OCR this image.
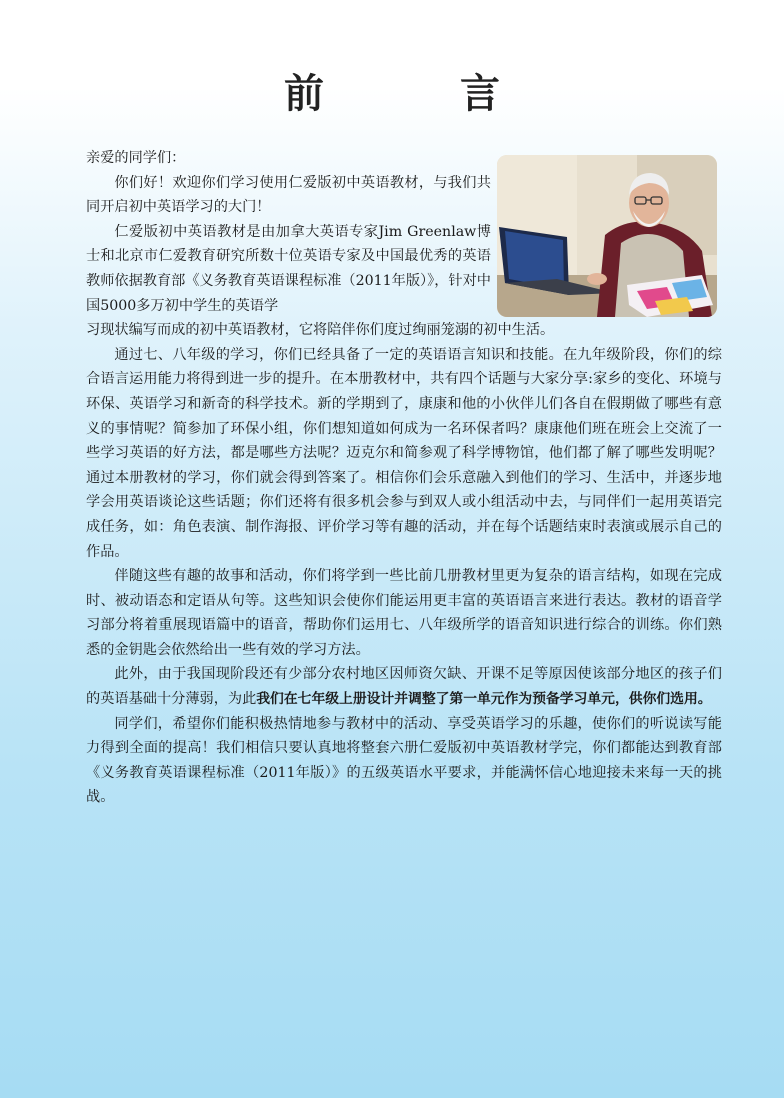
前　言

亲爱的同学们：

你们好！欢迎你们学习使用仁爱版初中英语教材，与我们共同开启初中英语学习的大门！

仁爱版初中英语教材是由加拿大英语专家Jim Greenlaw博士和北京市仁爱教育研究所数十位英语专家及中国最优秀的英语教师依据教育部《义务教育英语课程标准（2011年版）》，针对中国5000多万初中学生的英语学

习现状编写而成的初中英语教材，它将陪伴你们度过绚丽笼溺的初中生活。

通过七、八年级的学习，你们已经具备了一定的英语语言知识和技能。在九年级阶段，你们的综合语言运用能力将得到进一步的提升。在本册教材中，共有四个话题与大家分享:家乡的变化、环境与环保、英语学习和新奇的科学技术。新的学期到了，康康和他的小伙伴儿们各自在假期做了哪些有意义的事情呢？简参加了环保小组，你们想知道如何成为一名环保者吗？康康他们班在班会上交流了一些学习英语的好方法，都是哪些方法呢？迈克尔和简参观了科学博物馆，他们都了解了哪些发明呢？通过本册教材的学习，你们就会得到答案了。相信你们会乐意融入到他们的学习、生活中，并逐步地学会用英语谈论这些话题；你们还将有很多机会参与到双人或小组活动中去，与同伴们一起用英语完成任务，如：角色表演、制作海报、评价学习等有趣的活动，并在每个话题结束时表演或展示自己的作品。

伴随这些有趣的故事和活动，你们将学到一些比前几册教材里更为复杂的语言结构，如现在完成时、被动语态和定语从句等。这些知识会使你们能运用更丰富的英语语言来进行表达。教材的语音学习部分将着重展现语篇中的语音，帮助你们运用七、八年级所学的语音知识进行综合的训练。你们熟悉的金钥匙会依然给出一些有效的学习方法。

此外，由于我国现阶段还有少部分农村地区因师资欠缺、开课不足等原因使该部分地区的孩子们的英语基础十分薄弱，为此我们在七年级上册设计并调整了第一单元作为预备学习单元，供你们选用。

同学们，希望你们能积极热情地参与教材中的活动、享受英语学习的乐趣，使你们的听说读写能力得到全面的提高！我们相信只要认真地将整套六册仁爱版初中英语教材学完，你们都能达到教育部《义务教育英语课程标准（2011年版）》的五级英语水平要求，并能满怀信心地迎接未来每一天的挑战。
